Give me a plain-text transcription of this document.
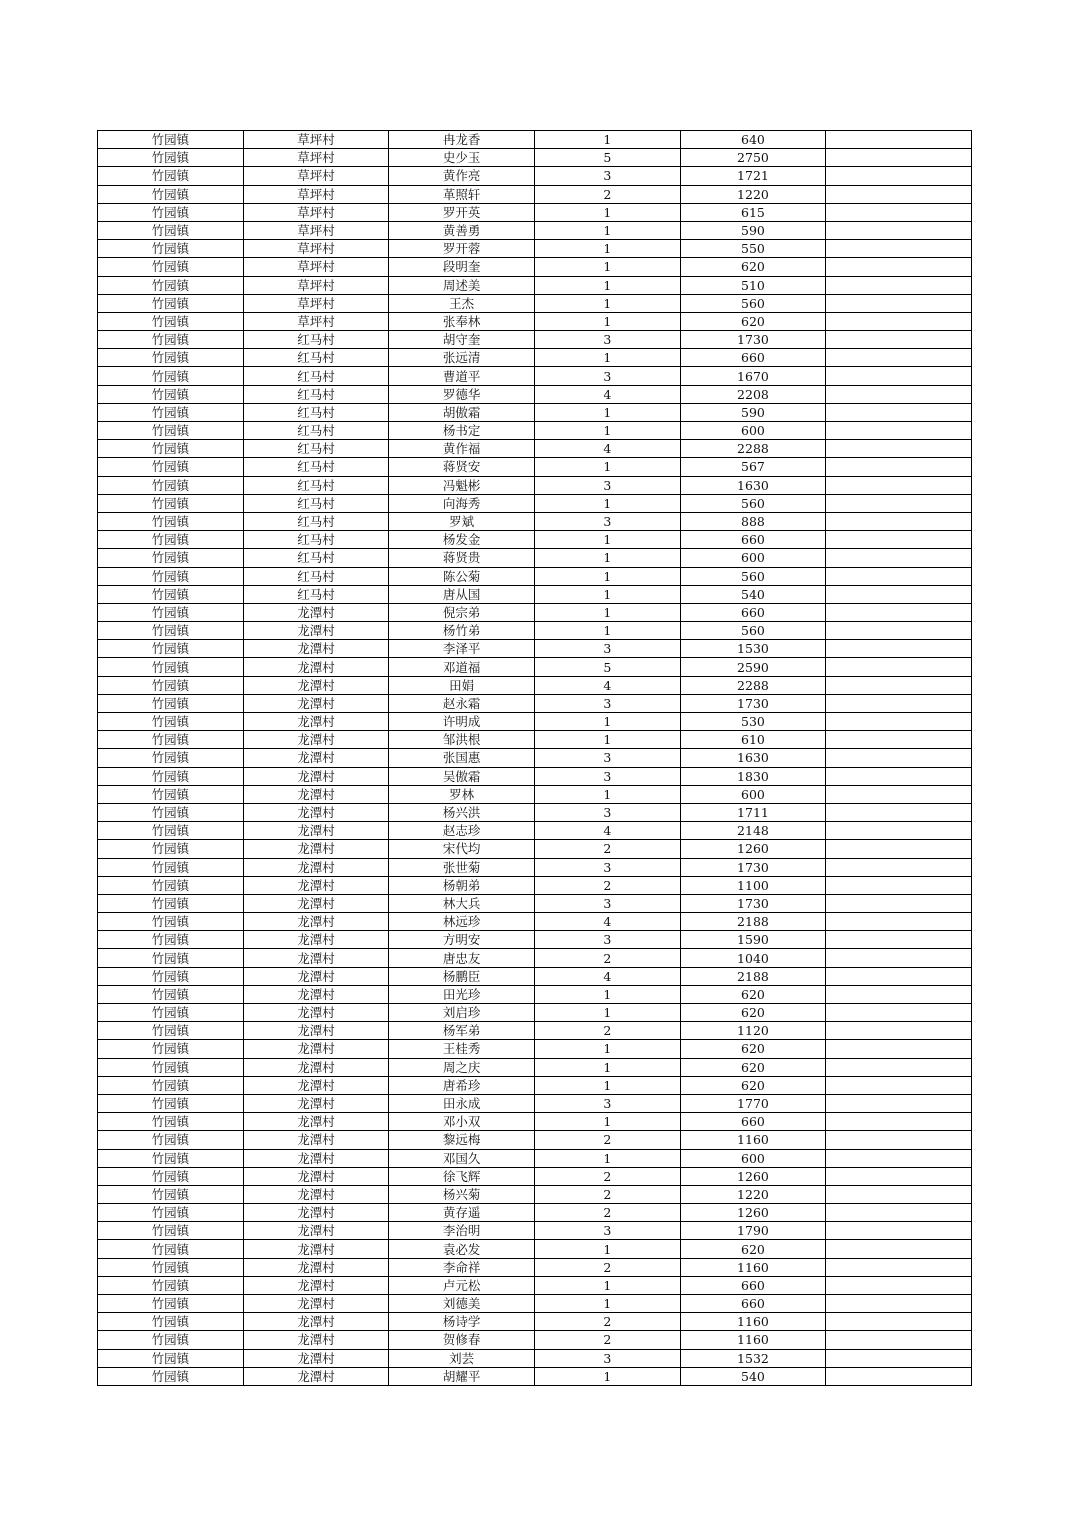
竹园镇	草坪村	冉龙香	1	640	
竹园镇	草坪村	史少玉	5	2750	
竹园镇	草坪村	黄作亮	3	1721	
竹园镇	草坪村	革照轩	2	1220	
竹园镇	草坪村	罗开英	1	615	
竹园镇	草坪村	黄善勇	1	590	
竹园镇	草坪村	罗开蓉	1	550	
竹园镇	草坪村	段明奎	1	620	
竹园镇	草坪村	周述美	1	510	
竹园镇	草坪村	王杰	1	560	
竹园镇	草坪村	张奉林	1	620	
竹园镇	红马村	胡守奎	3	1730	
竹园镇	红马村	张远清	1	660	
竹园镇	红马村	曹道平	3	1670	
竹园镇	红马村	罗德华	4	2208	
竹园镇	红马村	胡傲霜	1	590	
竹园镇	红马村	杨书定	1	600	
竹园镇	红马村	黄作福	4	2288	
竹园镇	红马村	蒋贤安	1	567	
竹园镇	红马村	冯魁彬	3	1630	
竹园镇	红马村	向海秀	1	560	
竹园镇	红马村	罗斌	3	888	
竹园镇	红马村	杨发金	1	660	
竹园镇	红马村	蒋贤贵	1	600	
竹园镇	红马村	陈公菊	1	560	
竹园镇	红马村	唐从国	1	540	
竹园镇	龙潭村	倪宗弟	1	660	
竹园镇	龙潭村	杨竹弟	1	560	
竹园镇	龙潭村	李泽平	3	1530	
竹园镇	龙潭村	邓道福	5	2590	
竹园镇	龙潭村	田娟	4	2288	
竹园镇	龙潭村	赵永霜	3	1730	
竹园镇	龙潭村	许明成	1	530	
竹园镇	龙潭村	邹洪根	1	610	
竹园镇	龙潭村	张国惠	3	1630	
竹园镇	龙潭村	吴傲霜	3	1830	
竹园镇	龙潭村	罗林	1	600	
竹园镇	龙潭村	杨兴洪	3	1711	
竹园镇	龙潭村	赵志珍	4	2148	
竹园镇	龙潭村	宋代均	2	1260	
竹园镇	龙潭村	张世菊	3	1730	
竹园镇	龙潭村	杨朝弟	2	1100	
竹园镇	龙潭村	林大兵	3	1730	
竹园镇	龙潭村	林远珍	4	2188	
竹园镇	龙潭村	方明安	3	1590	
竹园镇	龙潭村	唐忠友	2	1040	
竹园镇	龙潭村	杨鹏臣	4	2188	
竹园镇	龙潭村	田光珍	1	620	
竹园镇	龙潭村	刘启珍	1	620	
竹园镇	龙潭村	杨军弟	2	1120	
竹园镇	龙潭村	王桂秀	1	620	
竹园镇	龙潭村	周之庆	1	620	
竹园镇	龙潭村	唐希珍	1	620	
竹园镇	龙潭村	田永成	3	1770	
竹园镇	龙潭村	邓小双	1	660	
竹园镇	龙潭村	黎远梅	2	1160	
竹园镇	龙潭村	邓国久	1	600	
竹园镇	龙潭村	徐飞辉	2	1260	
竹园镇	龙潭村	杨兴菊	2	1220	
竹园镇	龙潭村	黄存遥	2	1260	
竹园镇	龙潭村	李治明	3	1790	
竹园镇	龙潭村	袁必发	1	620	
竹园镇	龙潭村	李命祥	2	1160	
竹园镇	龙潭村	卢元松	1	660	
竹园镇	龙潭村	刘德美	1	660	
竹园镇	龙潭村	杨诗学	2	1160	
竹园镇	龙潭村	贺修春	2	1160	
竹园镇	龙潭村	刘芸	3	1532	
竹园镇	龙潭村	胡耀平	1	540	
